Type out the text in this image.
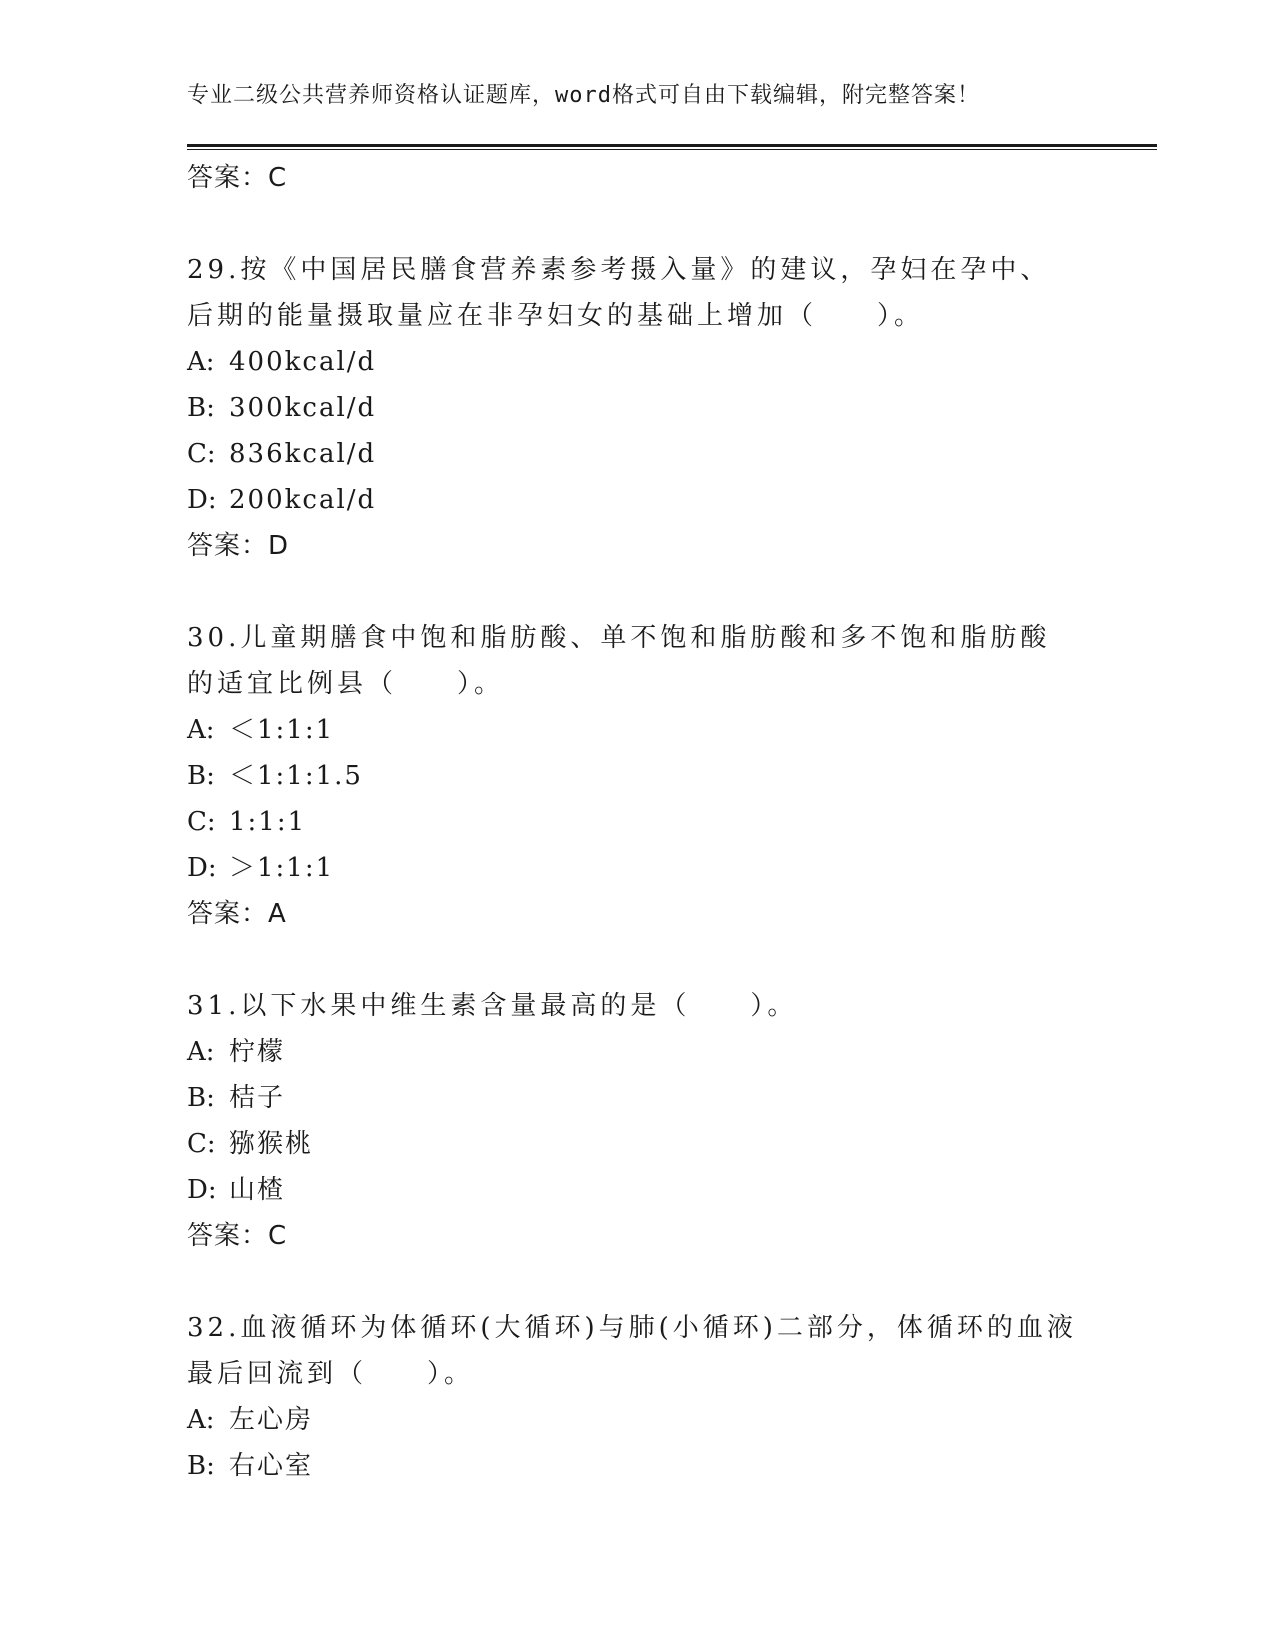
专业二级公共营养师资格认证题库，word格式可自由下载编辑，附完整答案！
答案：C
29.按《中国居民膳食营养素参考摄入量》的建议，孕妇在孕中、后期的能量摄取量应在非孕妇女的基础上增加（　　）。
A: 400kcal/d
B: 300kcal/d
C: 836kcal/d
D: 200kcal/d
答案：D
30.儿童期膳食中饱和脂肪酸、单不饱和脂肪酸和多不饱和脂肪酸的适宜比例县（　　）。
A: ＜1:1:1
B: ＜1:1:1.5
C: 1:1:1
D: ＞1:1:1
答案：A
31.以下水果中维生素含量最高的是（　　）。
A: 柠檬
B: 桔子
C: 猕猴桃
D: 山楂
答案：C
32.血液循环为体循环(大循环)与肺(小循环)二部分，体循环的血液最后回流到（　　）。
A: 左心房
B: 右心室
